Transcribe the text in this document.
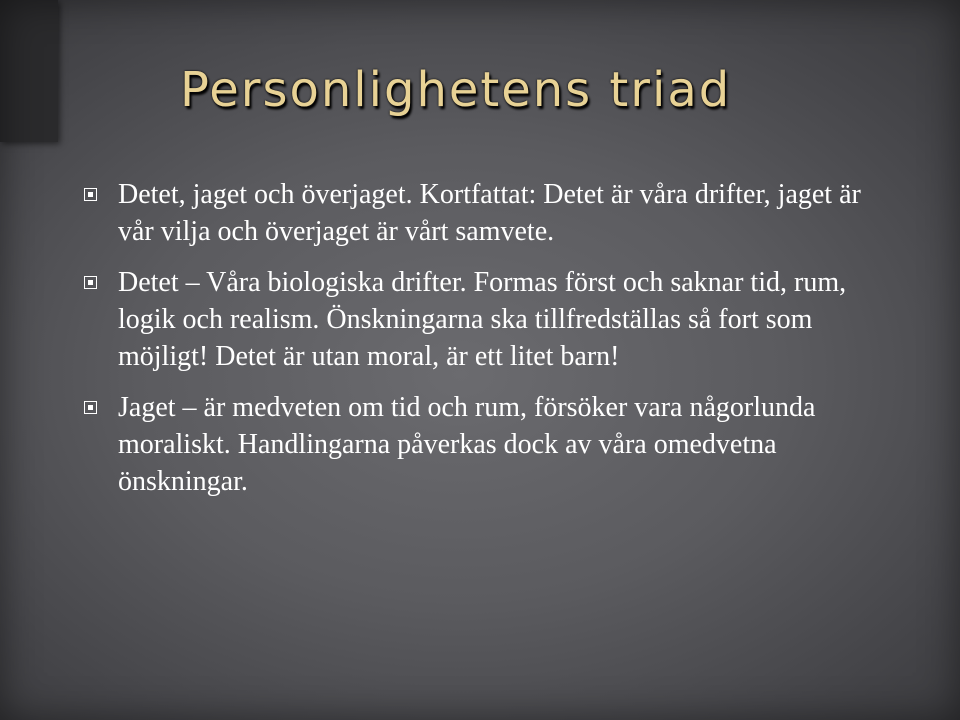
Personlighetens triad
Detet, jaget och överjaget. Kortfattat: Detet är våra drifter, jaget är vår vilja och överjaget är vårt samvete.
Detet – Våra biologiska drifter. Formas först och saknar tid, rum, logik och realism. Önskningarna ska tillfredställas så fort som möjligt! Detet är utan moral, är ett litet barn!
Jaget – är medveten om tid och rum, försöker vara någorlunda moraliskt. Handlingarna påverkas dock av våra omedvetna önskningar.
